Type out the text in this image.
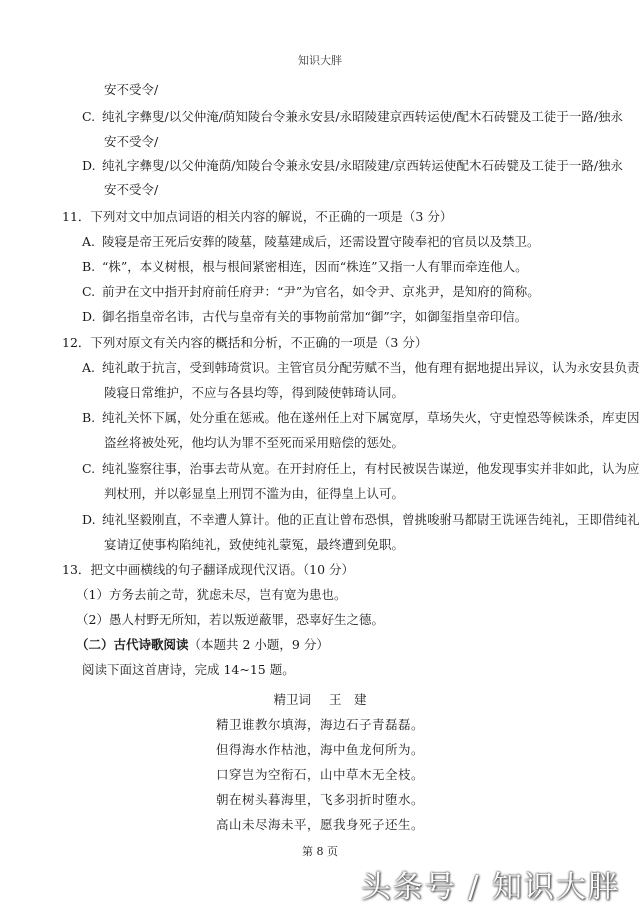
知识大胖
安不受令/
C. 纯礼字彝叟/以父仲淹/荫知陵台令兼永安县/永昭陵建京西转运使/配木石砖甓及工徒于一路/独永
安不受令/
D. 纯礼字彝叟/以父仲淹荫/知陵台令兼永安县/永昭陵建/京西转运使配木石砖甓及工徒于一路/独永
安不受令/
11．下列对文中加点词语的相关内容的解说，不正确的一项是（3 分）
A. 陵寝是帝王死后安葬的陵墓，陵墓建成后，还需设置守陵奉祀的官员以及禁卫。
B. “株”，本义树根，根与根间紧密相连，因而“株连”又指一人有罪而牵连他人。
C. 前尹在文中指开封府前任府尹：“尹”为官名，如令尹、京兆尹，是知府的简称。
D. 御名指皇帝名讳，古代与皇帝有关的事物前常加“御”字，如御玺指皇帝印信。
12．下列对原文有关内容的概括和分析，不正确的一项是（3 分）
A. 纯礼敢于抗言，受到韩琦赏识。主管官员分配劳赋不当，他有理有据地提出异议，认为永安县负责
陵寝日常维护，不应与各县均等，得到陵使韩琦认同。
B. 纯礼关怀下属，处分重在惩戒。他在遂州任上对下属宽厚，草场失火，守吏惶恐等候诛杀，库吏因
盗丝将被处死，他均认为罪不至死而采用赔偿的惩处。
C. 纯礼鉴察往事，治事去苛从宽。在开封府任上，有村民被误告谋逆，他发现事实并非如此，认为应
判杖刑，并以彰显皇上刑罚不滥为由，征得皇上认可。
D. 纯礼坚毅刚直，不幸遭人算计。他的正直让曾布恐惧，曾挑唆驸马都尉王诜诬告纯礼，王即借纯礼
宴请辽使事构陷纯礼，致使纯礼蒙冤，最终遭到免职。
13．把文中画横线的句子翻译成现代汉语。（10 分）
（1）方务去前之苛，犹虑未尽，岂有宽为患也。
（2）愚人村野无所知，若以叛逆蔽罪，恐辜好生之德。
（二）古代诗歌阅读（本题共 2 小题，9 分）
阅读下面这首唐诗，完成 14~15 题。
精卫词 王　建
精卫谁教尔填海，海边石子青磊磊。
但得海水作枯池，海中鱼龙何所为。
口穿岂为空衔石，山中草木无全枝。
朝在树头暮海里，飞多羽折时堕水。
高山未尽海未平，愿我身死子还生。
第 8 页
头条号 / 知识大胖
